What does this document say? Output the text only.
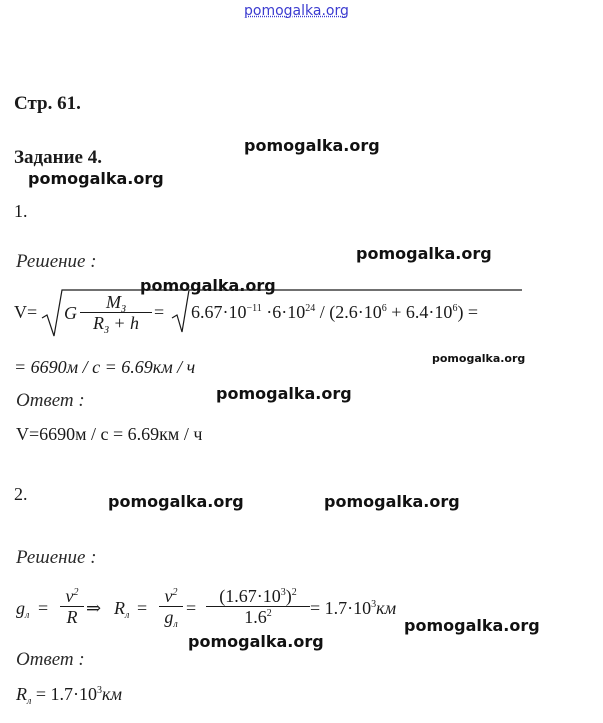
pomogalka.org
pomogalka.org
pomogalka.org
pomogalka.org
pomogalka.org
pomogalka.org
pomogalka.org
pomogalka.org	pomogalka.org
pomogalka.org
pomogalka.org
Стр. 61.
Задание 4.
1.
Решение :
V= G
$M_З$
$R_З + h$
= $6.67\cdot 10^{-11} \cdot 6\cdot 10^{24} / (2.6\cdot 10^6 + 6.4\cdot 10^6)$ =
= 6690м / с = 6.69км / ч
Ответ :
V=6690м / с = 6.69км / ч
2.
Решение :
$g_л = \frac{v^2}{R}$ ⇒ $R_л$ =
$v^2$
$g_л$
= $\frac{(1.67\cdot 10^3)^2}{1.6^2} = 1.7\cdot 10^3км$
Ответ :
$R_л = 1.7\cdot 10^3км$
